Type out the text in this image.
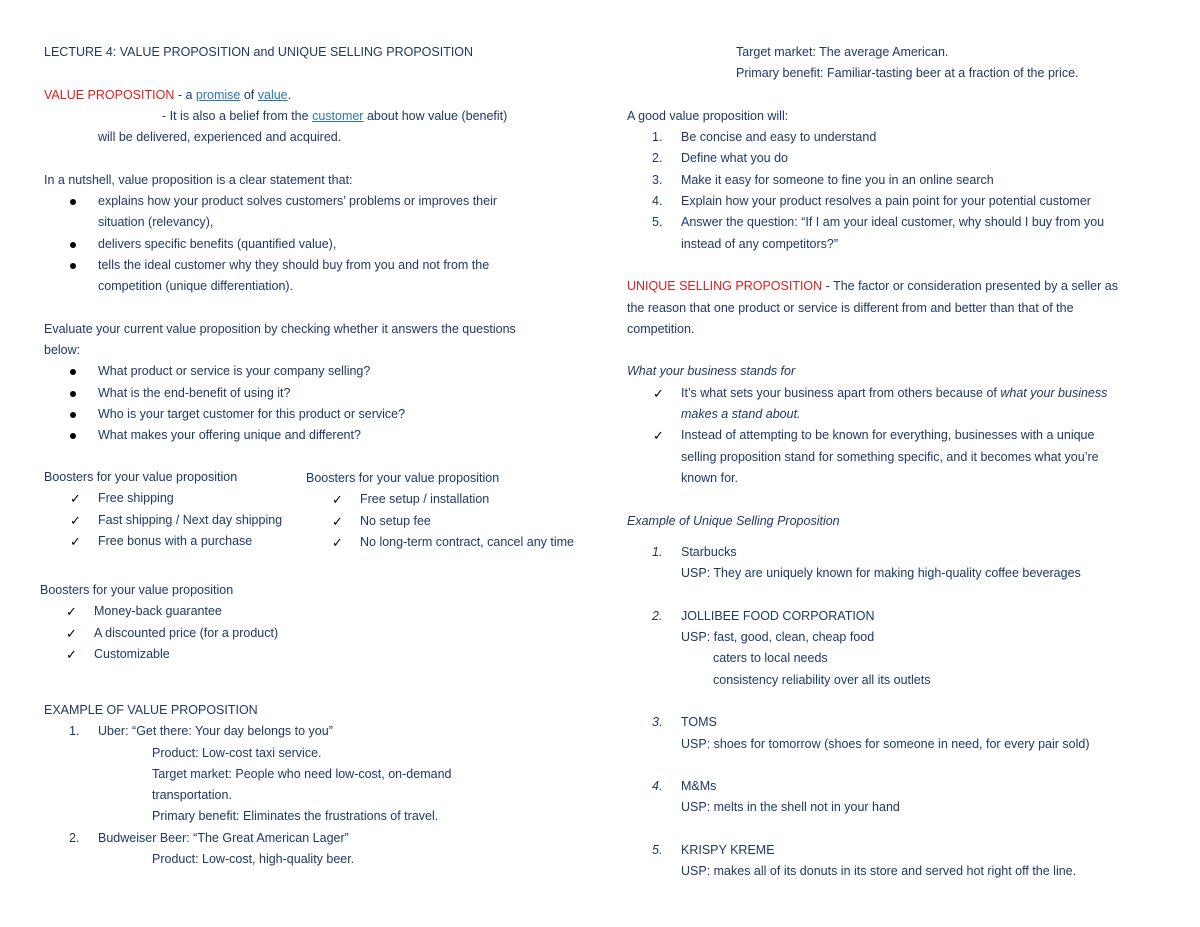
LECTURE 4: VALUE PROPOSITION and UNIQUE SELLING PROPOSITION
VALUE PROPOSITION - a promise of value.
- It is also a belief from the customer about how value (benefit)
will be delivered, experienced and acquired.
In a nutshell, value proposition is a clear statement that:
explains how your product solves customers’ problems or improves their
situation (relevancy),
delivers specific benefits (quantified value),
tells the ideal customer why they should buy from you and not from the
competition (unique differentiation).
Evaluate your current value proposition by checking whether it answers the questions
below:
What product or service is your company selling?
What is the end-benefit of using it?
Who is your target customer for this product or service?
What makes your offering unique and different?
Boosters for your value proposition
✓ Free shipping
✓ Fast shipping / Next day shipping
✓ Free bonus with a purchase
Boosters for your value proposition
✓ Free setup / installation
✓ No setup fee
✓ No long-term contract, cancel any time
Boosters for your value proposition
✓ Money-back guarantee
✓ A discounted price (for a product)
✓ Customizable
EXAMPLE OF VALUE PROPOSITION
1. Uber: “Get there: Your day belongs to you”
Product: Low-cost taxi service.
Target market: People who need low-cost, on-demand
transportation.
Primary benefit: Eliminates the frustrations of travel.
2. Budweiser Beer: “The Great American Lager”
Product: Low-cost, high-quality beer.
Target market: The average American.
Primary benefit: Familiar-tasting beer at a fraction of the price.
A good value proposition will:
1. Be concise and easy to understand
2. Define what you do
3. Make it easy for someone to fine you in an online search
4. Explain how your product resolves a pain point for your potential customer
5. Answer the question: “If I am your ideal customer, why should I buy from you
instead of any competitors?”
UNIQUE SELLING PROPOSITION - The factor or consideration presented by a seller as
the reason that one product or service is different from and better than that of the
competition.
What your business stands for
✓ It’s what sets your business apart from others because of what your business
makes a stand about.
✓ Instead of attempting to be known for everything, businesses with a unique
selling proposition stand for something specific, and it becomes what you’re
known for.
Example of Unique Selling Proposition
1. Starbucks
USP: They are uniquely known for making high-quality coffee beverages
2. JOLLIBEE FOOD CORPORATION
USP: fast, good, clean, cheap food
caters to local needs
consistency reliability over all its outlets
3. TOMS
USP: shoes for tomorrow (shoes for someone in need, for every pair sold)
4. M&Ms
USP: melts in the shell not in your hand
5. KRISPY KREME
USP: makes all of its donuts in its store and served hot right off the line.
